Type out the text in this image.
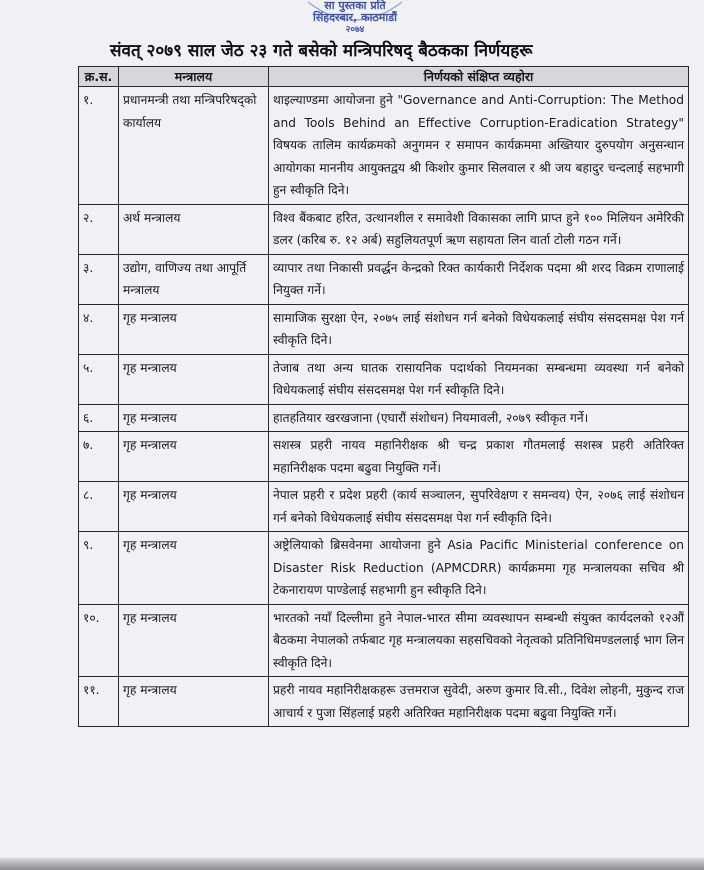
सा पुस्तका प्रति
सिंहदरबार, काठमाडौं
२०७४
संवत् २०७९ साल जेठ २३ गते बसेको मन्त्रिपरिषद् बैठकका निर्णयहरू
क्र.स.	मन्त्रालय	निर्णयको संक्षिप्त व्यहोरा
१.	प्रधानमन्त्री तथा मन्त्रिपरिषद्को कार्यालय	थाइल्याण्डमा आयोजना हुने "Governance and Anti-Corruption: The Method and Tools Behind an Effective Corruption-Eradication Strategy" विषयक तालिम कार्यक्रमको अनुगमन र समापन कार्यक्रममा अख्तियार दुरुपयोग अनुसन्धान आयोगका माननीय आयुक्तद्वय श्री किशोर कुमार सिलवाल र श्री जय बहादुर चन्दलाई सहभागी हुन स्वीकृति दिने।
२.	अर्थ मन्त्रालय	विश्व बैंकबाट हरित, उत्थानशील र समावेशी विकासका लागि प्राप्त हुने १०० मिलियन अमेरिकी डलर (करिब रु. १२ अर्ब) सहुलियतपूर्ण ऋण सहायता लिन वार्ता टोली गठन गर्ने।
३.	उद्योग, वाणिज्य तथा आपूर्ति मन्त्रालय	व्यापार तथा निकासी प्रवर्द्धन केन्द्रको रिक्त कार्यकारी निर्देशक पदमा श्री शरद विक्रम राणालाई नियुक्त गर्ने।
४.	गृह मन्त्रालय	सामाजिक सुरक्षा ऐन, २०७५ लाई संशोधन गर्न बनेको विधेयकलाई संघीय संसदसमक्ष पेश गर्न स्वीकृति दिने।
५.	गृह मन्त्रालय	तेजाब तथा अन्य घातक रासायनिक पदार्थको नियमनका सम्बन्धमा व्यवस्था गर्न बनेको विधेयकलाई संघीय संसदसमक्ष पेश गर्न स्वीकृति दिने।
६.	गृह मन्त्रालय	हातहतियार खरखजाना (एघारौं संशोधन) नियमावली, २०७९ स्वीकृत गर्ने।
७.	गृह मन्त्रालय	सशस्त्र प्रहरी नायव महानिरीक्षक श्री चन्द्र प्रकाश गौतमलाई सशस्त्र प्रहरी अतिरिक्त महानिरीक्षक पदमा बढुवा नियुक्ति गर्ने।
८.	गृह मन्त्रालय	नेपाल प्रहरी र प्रदेश प्रहरी (कार्य सञ्चालन, सुपरिवेक्षण र समन्वय) ऐन, २०७६ लाई संशोधन गर्न बनेको विधेयकलाई संघीय संसदसमक्ष पेश गर्न स्वीकृति दिने।
९.	गृह मन्त्रालय	अष्ट्रेलियाको ब्रिसवेनमा आयोजना हुने Asia Pacific Ministerial conference on Disaster Risk Reduction (APMCDRR) कार्यक्रममा गृह मन्त्रालयका सचिव श्री टेकनारायण पाण्डेलाई सहभागी हुन स्वीकृति दिने।
१०.	गृह मन्त्रालय	भारतको नयाँ दिल्लीमा हुने नेपाल-भारत सीमा व्यवस्थापन सम्बन्धी संयुक्त कार्यदलको १२औं बैठकमा नेपालको तर्फबाट गृह मन्त्रालयका सहसचिवको नेतृत्वको प्रतिनिधिमण्डललाई भाग लिन स्वीकृति दिने।
११.	गृह मन्त्रालय	प्रहरी नायव महानिरीक्षकहरू उत्तमराज सुवेदी, अरुण कुमार वि.सी., दिवेश लोहनी, मुकुन्द राज आचार्य र पुजा सिंहलाई प्रहरी अतिरिक्त महानिरीक्षक पदमा बढुवा नियुक्ति गर्ने।
